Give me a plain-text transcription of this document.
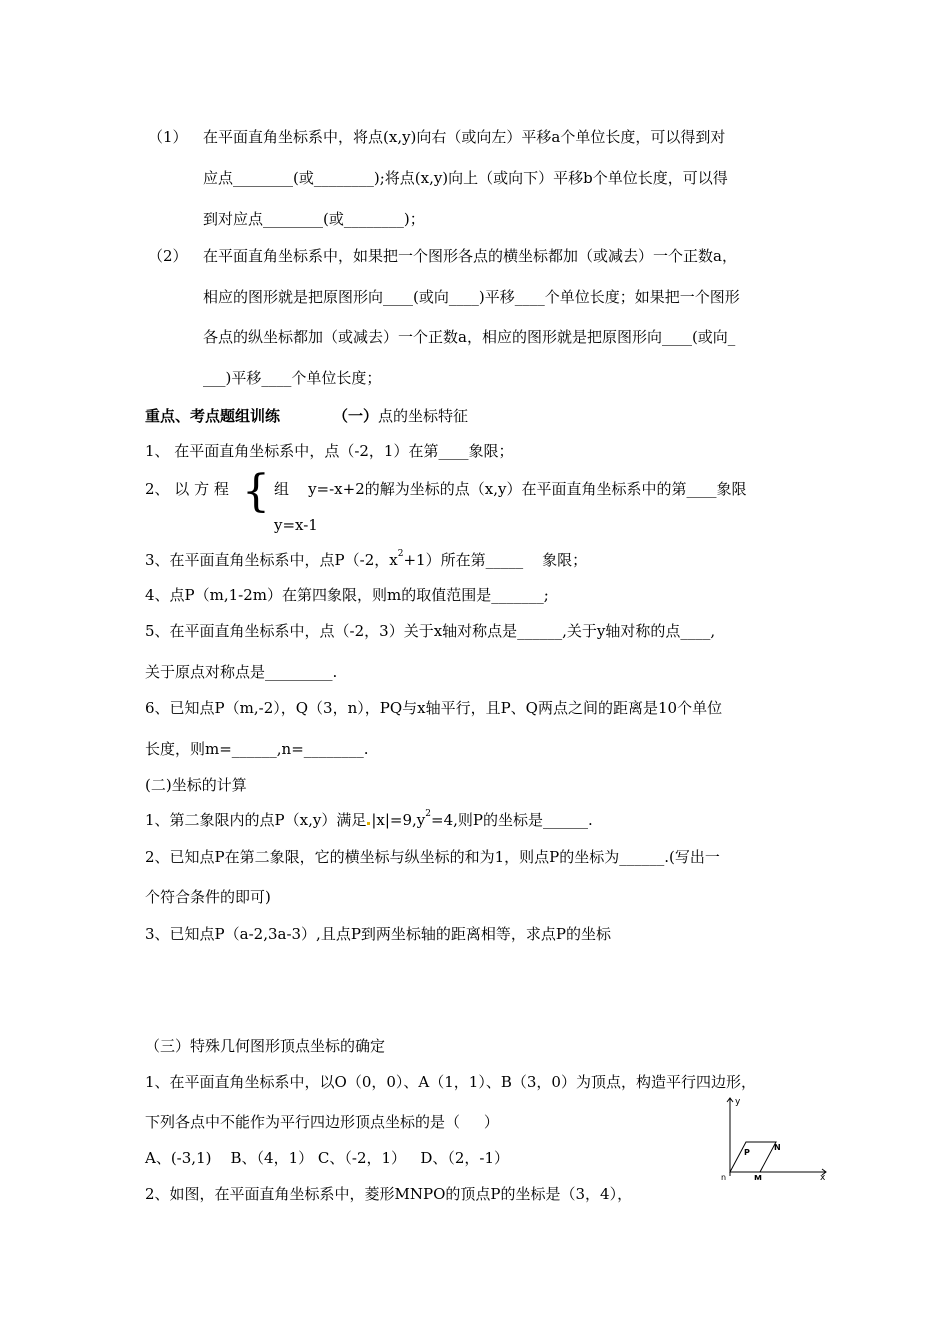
（1） 在平面直角坐标系中，将点(x,y)向右（或向左）平移a个单位长度，可以得到对
应点________(或________);将点(x,y)向上（或向下）平移b个单位长度，可以得
到对应点________(或________)；
（2） 在平面直角坐标系中，如果把一个图形各点的横坐标都加（或减去）一个正数a，
相应的图形就是把原图形向____(或向____)平移____个单位长度；如果把一个图形
各点的纵坐标都加（或减去）一个正数a，相应的图形就是把原图形向____(或向_
___)平移____个单位长度；
重点、考点题组训练	（一）点的坐标特征
1、 在平面直角坐标系中，点（-2，1）在第____象限；
2、 以 方 程 { 组    y=-x+2的解为坐标的点（x,y）在平面直角坐标系中的第____象限
y=x-1
3、在平面直角坐标系中，点P（-2，$x^2+1$）所在第_____    象限；
4、点P（m,1-2m）在第四象限，则m的取值范围是_______;
5、在平面直角坐标系中，点（-2，3）关于x轴对称点是______,关于y轴对称的点____,
关于原点对称点是_________.
6、已知点P（m,-2），Q（3，n），PQ与x轴平行，且P、Q两点之间的距离是10个单位
长度，则m=______,n=________.
(二)坐标的计算
1、第二象限内的点P（x,y）满足 $|x|=9,y^2=4$,则P的坐标是______.
2、已知点P在第二象限，它的横坐标与纵坐标的和为1，则点P的坐标为______.(写出一
个符合条件的即可)
3、已知点P（a-2,3a-3）,且点P到两坐标轴的距离相等，求点P的坐标
（三）特殊几何图形顶点坐标的确定
1、在平面直角坐标系中，以O（0，0）、A（1，1）、B（3，0）为顶点，构造平行四边形，
下列各点中不能作为平行四边形顶点坐标的是（     ）
A、(-3,1)    B、（4，1） C、（-2，1）   D、（2，-1）
2、如图，在平面直角坐标系中，菱形MNPO的顶点P的坐标是（3，4），
y
x
n
P
N
M
